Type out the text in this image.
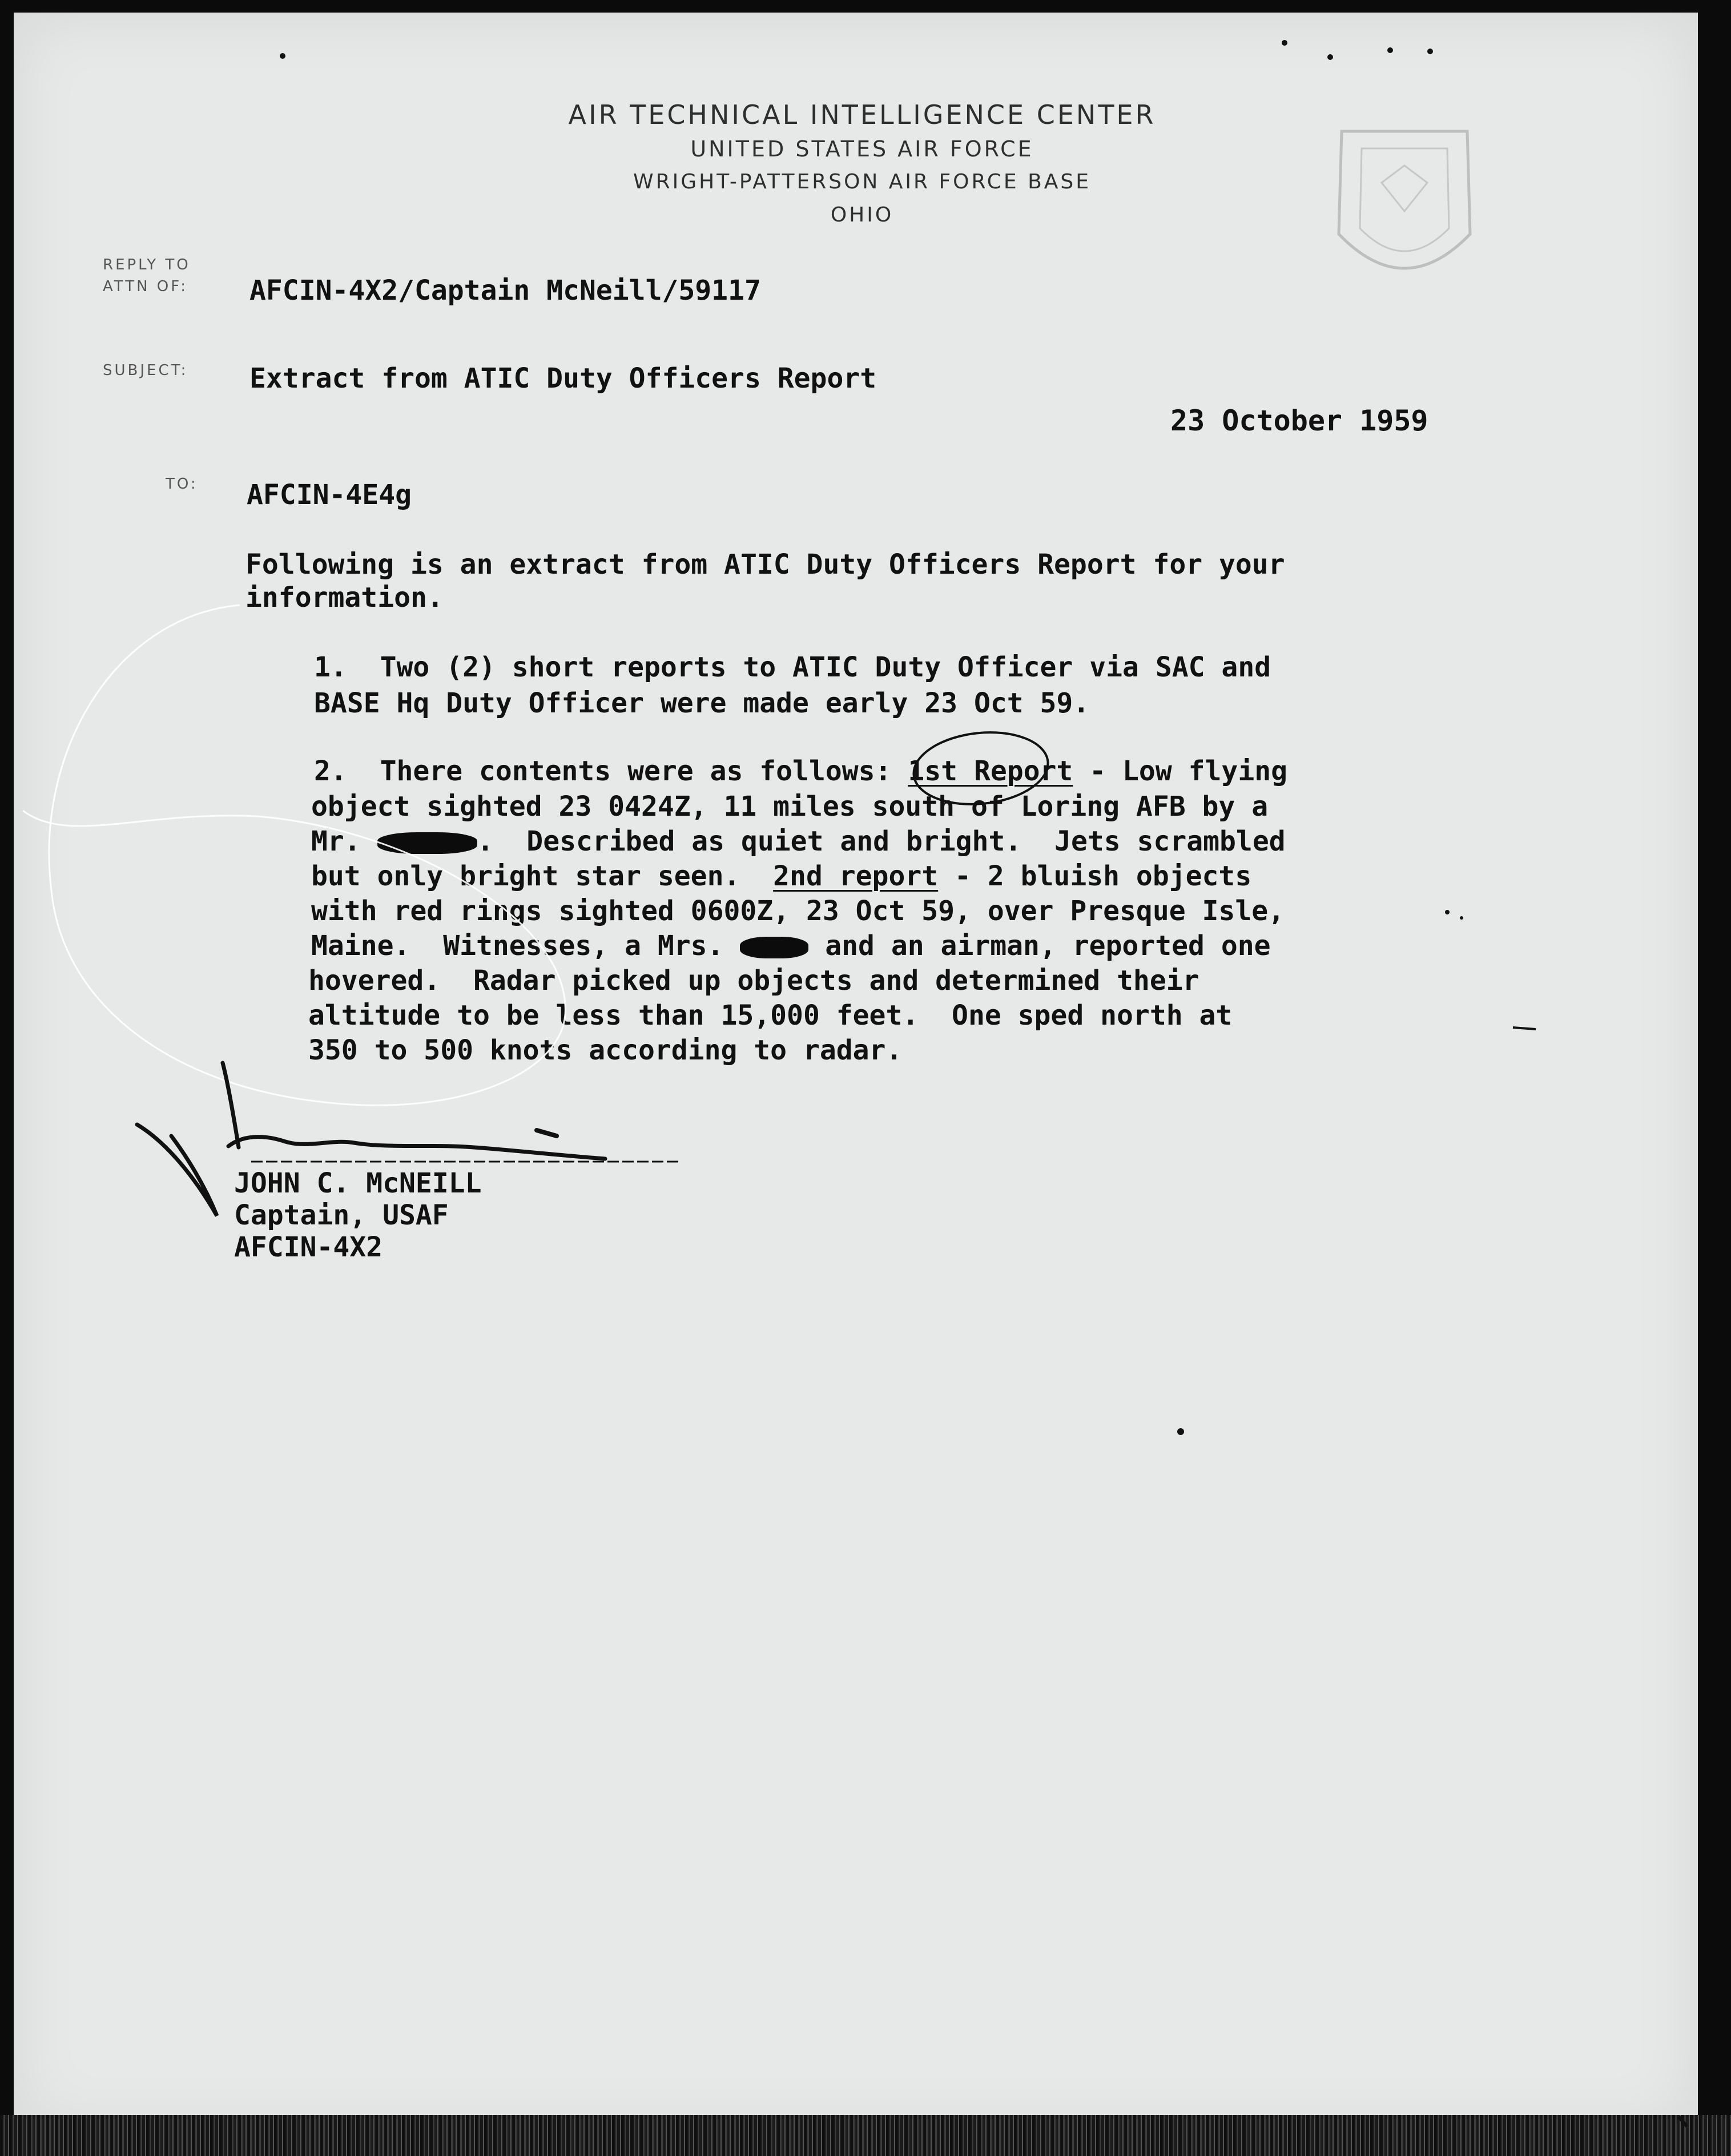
AIR TECHNICAL INTELLIGENCE CENTER
UNITED STATES AIR FORCE
WRIGHT-PATTERSON AIR FORCE BASE
OHIO
REPLY TO
ATTN OF: AFCIN-4X2/Captain McNeill/59117
SUBJECT: Extract from ATIC Duty Officers Report
23 October 1959
TO: AFCIN-4E4g
Following is an extract from ATIC Duty Officers Report for your
information.
1.  Two (2) short reports to ATIC Duty Officer via SAC and
BASE Hq Duty Officer were made early 23 Oct 59.
2.  There contents were as follows: 1st Report - Low flying
object sighted 23 0424Z, 11 miles south of Loring AFB by a
Mr.	.  Described as quiet and bright.  Jets scrambled
but only bright star seen.  2nd report - 2 bluish objects
with red rings sighted 0600Z, 23 Oct 59, over Presque Isle,
Maine.  Witnesses, a Mrs.	and an airman, reported one
hovered.  Radar picked up objects and determined their
altitude to be less than 15,000 feet.  One sped north at
350 to 500 knots according to radar.
JOHN C. McNEILL
Captain, USAF
AFCIN-4X2
